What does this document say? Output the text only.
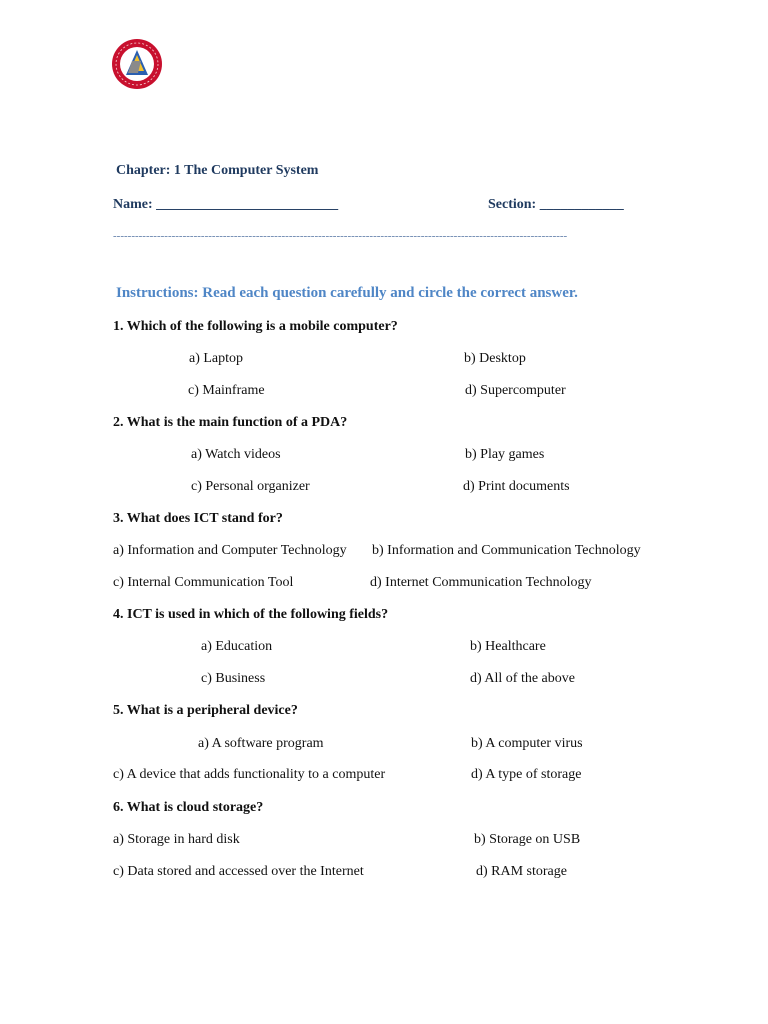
Chapter: 1 The Computer System
Name: __________________________	Section: ____________
----------------------------------------------------------------------------------------------------------------------------
Instructions: Read each question carefully and circle the correct answer.
1. Which of the following is a mobile computer?
a) Laptop	b) Desktop
c) Mainframe	d) Supercomputer
2. What is the main function of a PDA?
a) Watch videos	b) Play games
c) Personal organizer	d) Print documents
3. What does ICT stand for?
a) Information and Computer Technology b) Information and Communication Technology
c) Internal Communication Tool	d) Internet Communication Technology
4. ICT is used in which of the following fields?
a) Education	b) Healthcare
c) Business	d) All of the above
5. What is a peripheral device?
a) A software program	b) A computer virus
c) A device that adds functionality to a computer	d) A type of storage
6. What is cloud storage?
a) Storage in hard disk	b) Storage on USB
c) Data stored and accessed over the Internet	d) RAM storage
